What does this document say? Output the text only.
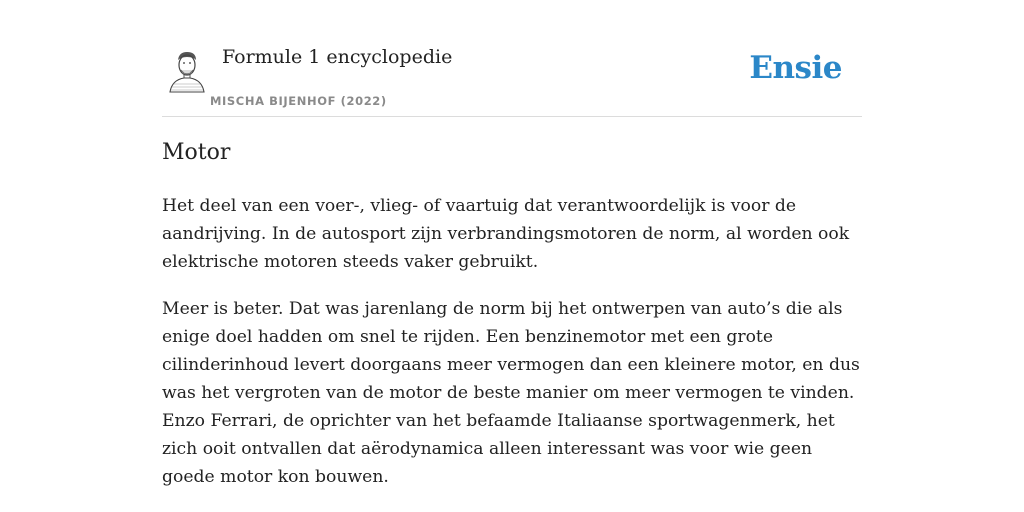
Formule 1 encyclopedie
MISCHA BIJENHOF (2022)
Ensie
Motor

Het deel van een voer-, vlieg- of vaartuig dat verantwoordelijk is voor de aandrijving. In de autosport zijn verbrandingsmotoren de norm, al worden ook elektrische motoren steeds vaker gebruikt.

Meer is beter. Dat was jarenlang de norm bij het ontwerpen van auto’s die als enige doel hadden om snel te rijden. Een benzinemotor met een grote cilinderinhoud levert doorgaans meer vermogen dan een kleinere motor, en dus was het vergroten van de motor de beste manier om meer vermogen te vinden. Enzo Ferrari, de oprichter van het befaamde Italiaanse sportwagenmerk, het zich ooit ontvallen dat aërodynamica alleen interessant was voor wie geen goede motor kon bouwen.
